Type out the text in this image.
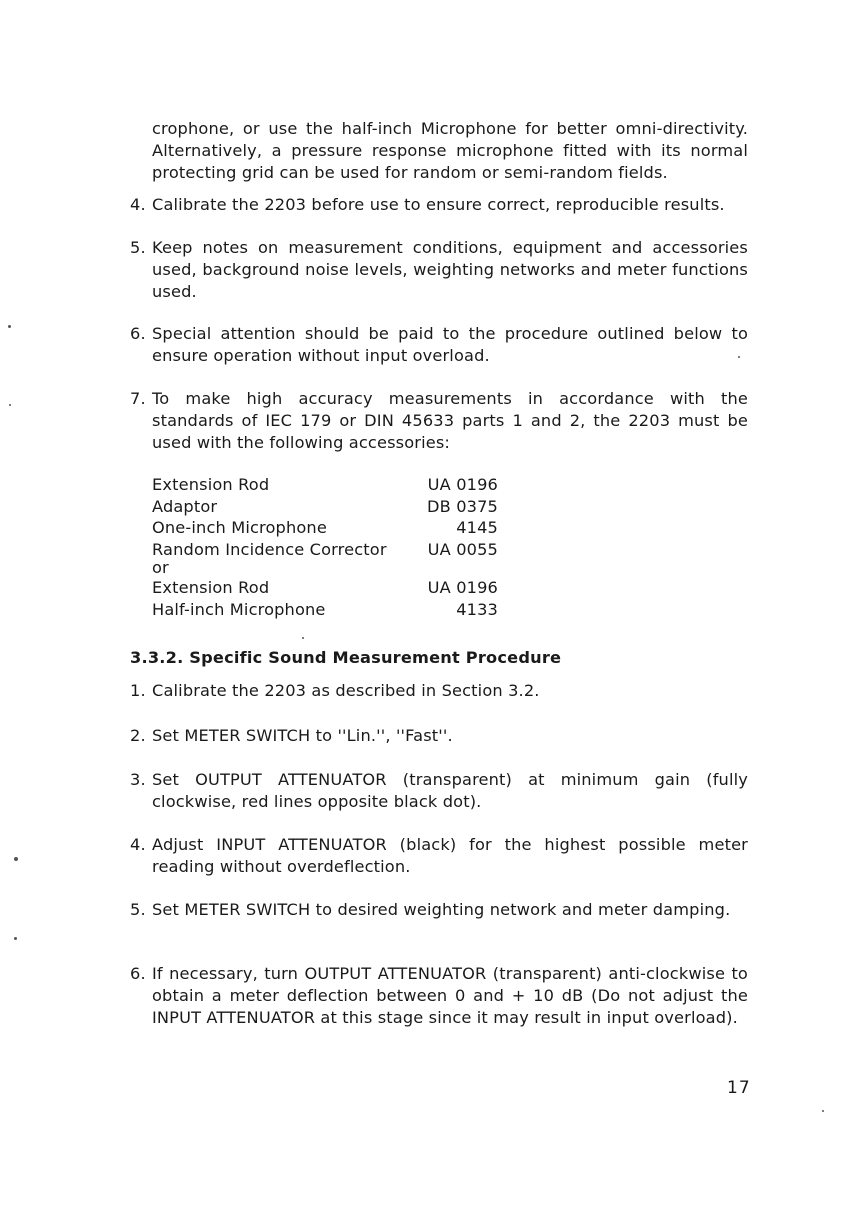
crophone, or use the half-inch Microphone for better omni-directivity. Alternatively, a pressure response microphone fitted with its normal protecting grid can be used for random or semi-random fields.
4. Calibrate the 2203 before use to ensure correct, reproducible results.
5. Keep notes on measurement conditions, equipment and accessories used, background noise levels, weighting networks and meter functions used.
6. Special attention should be paid to the procedure outlined below to ensure operation without input overload.
7. To make high accuracy measurements in accordance with the standards of IEC 179 or DIN 45633 parts 1 and 2, the 2203 must be used with the following accessories:
Extension Rod	UA 0196
Adaptor	DB 0375
One-inch Microphone	4145
Random Incidence Corrector	UA 0055
or
Extension Rod	UA 0196
Half-inch Microphone	4133
3.3.2. Specific Sound Measurement Procedure
1. Calibrate the 2203 as described in Section 3.2.
2. Set METER SWITCH to ''Lin.'', ''Fast''.
3. Set OUTPUT ATTENUATOR (transparent) at minimum gain (fully clockwise, red lines opposite black dot).
4. Adjust INPUT ATTENUATOR (black) for the highest possible meter reading without overdeflection.
5. Set METER SWITCH to desired weighting network and meter damping.
6. If necessary, turn OUTPUT ATTENUATOR (transparent) anti-clockwise to obtain a meter deflection between 0 and + 10 dB (Do not adjust the INPUT ATTENUATOR at this stage since it may result in input overload).
17
